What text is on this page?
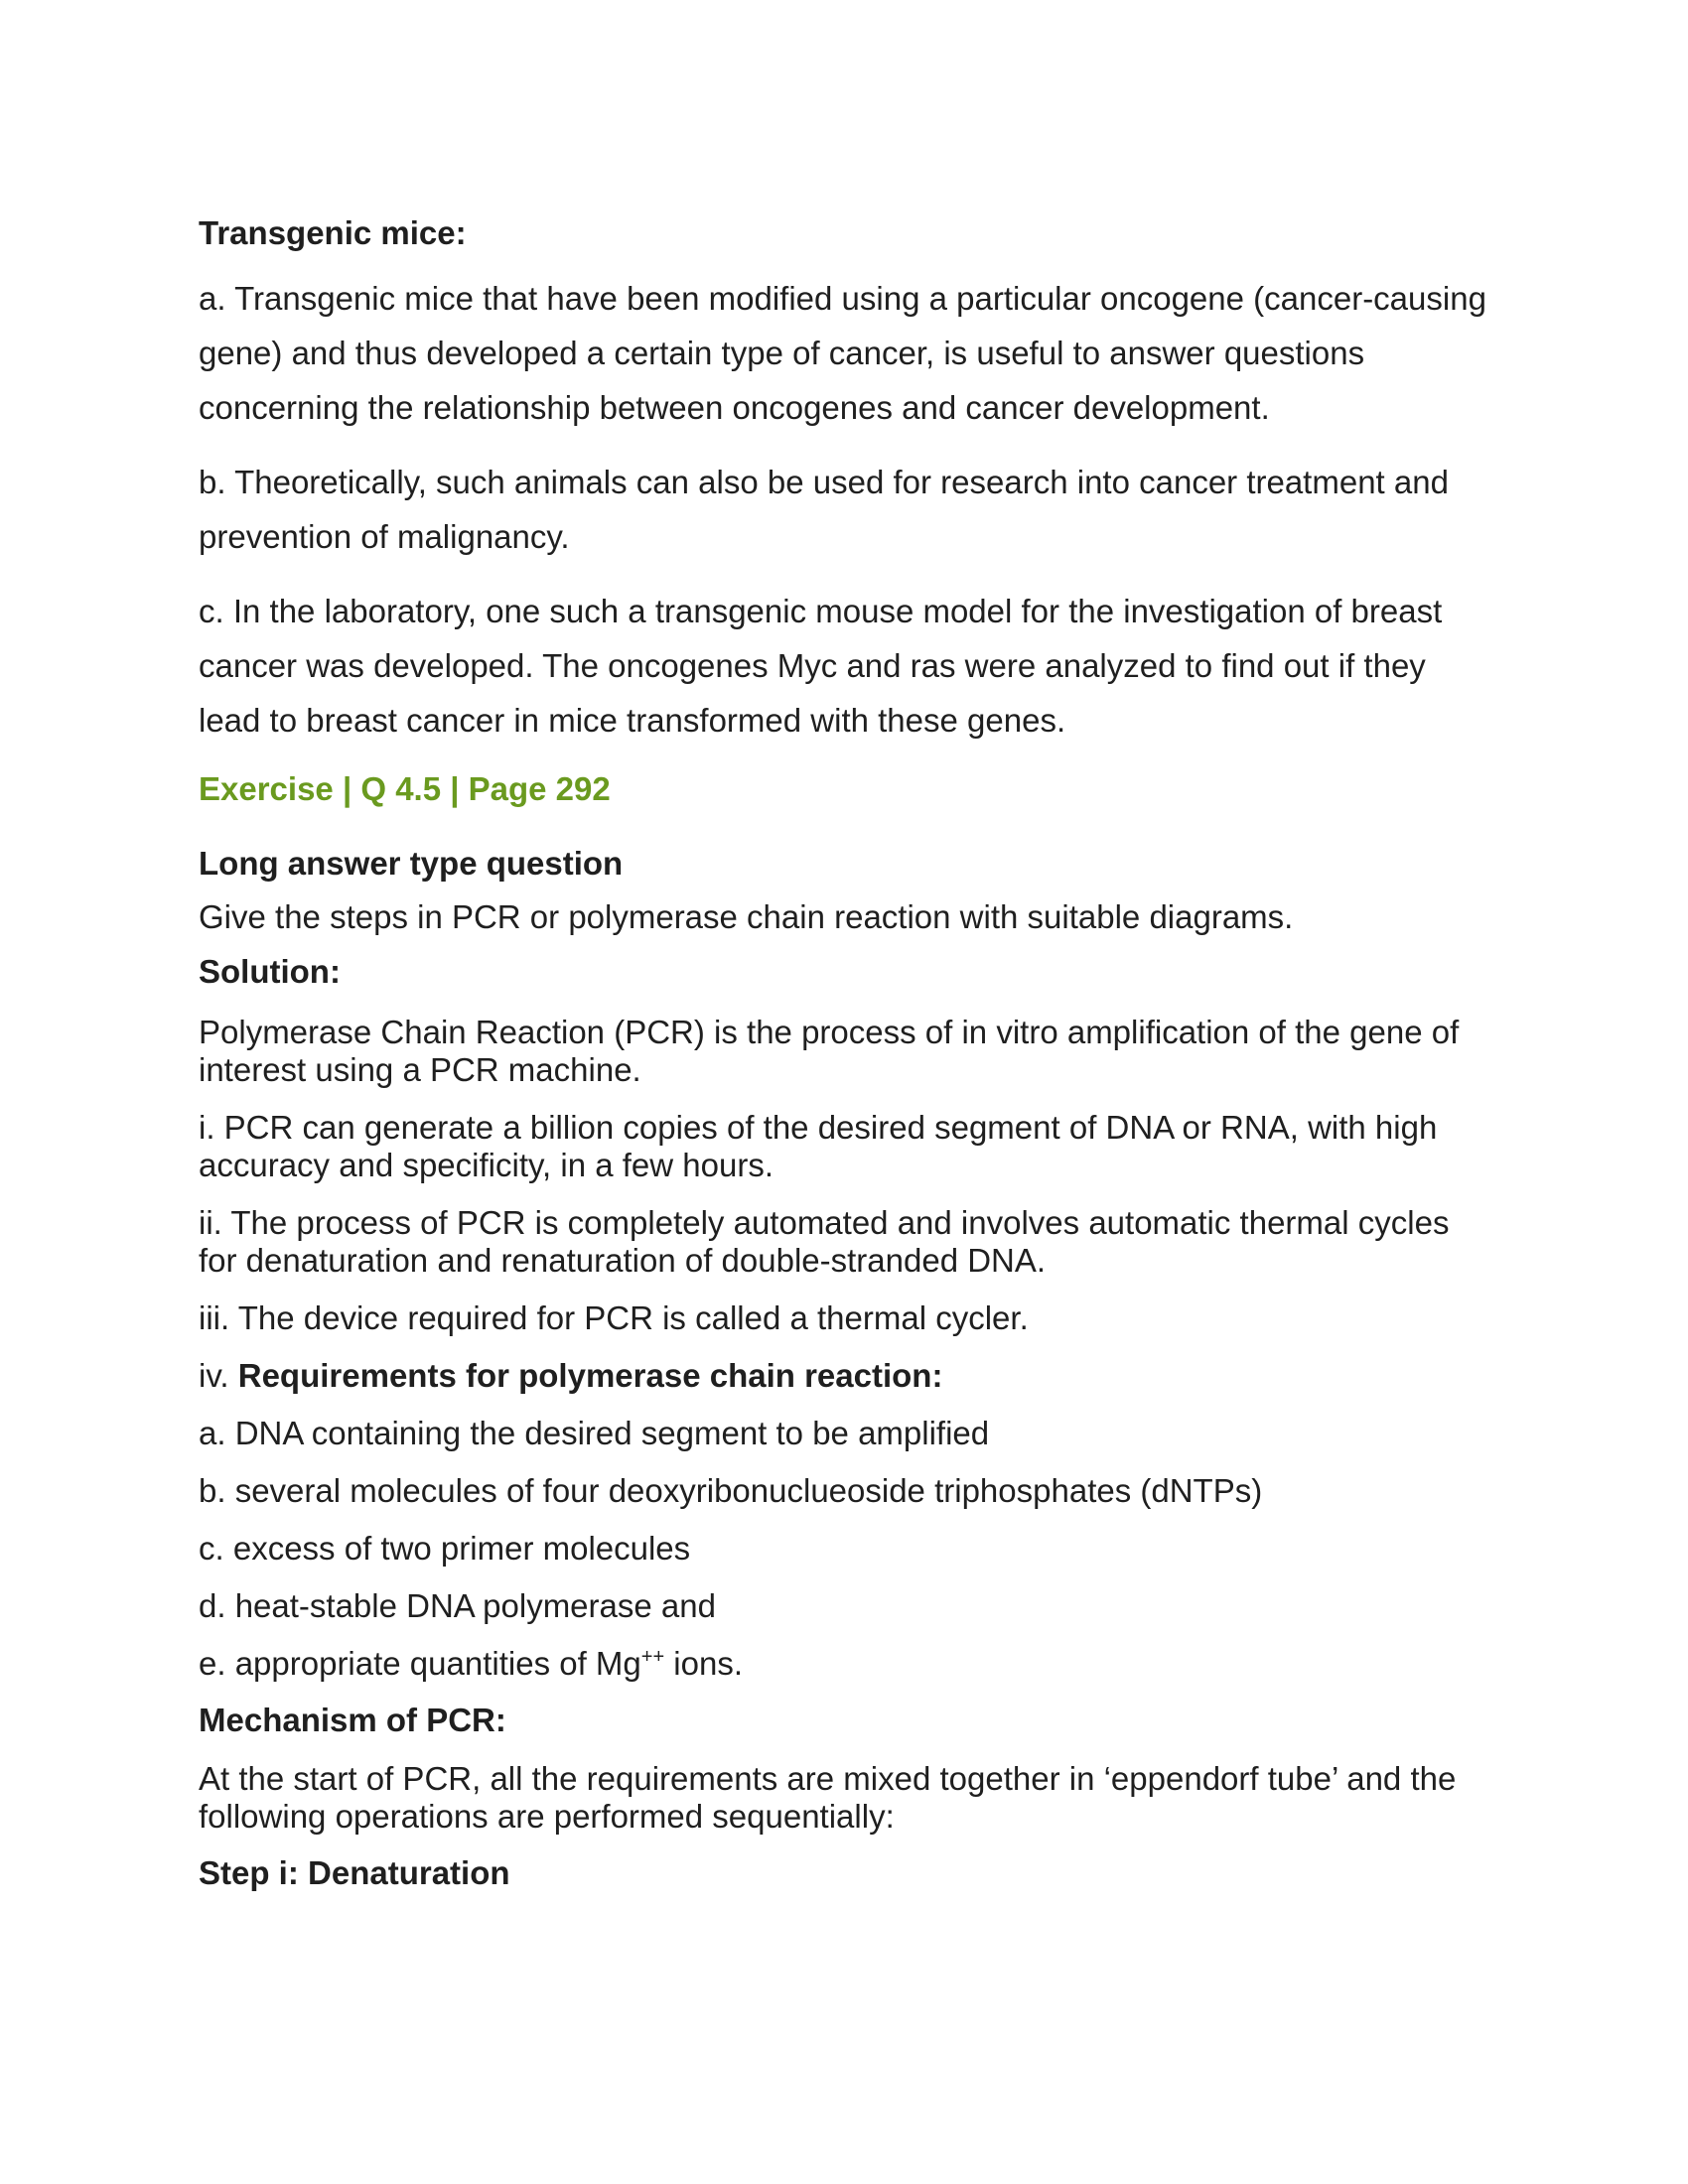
Transgenic mice:

a. Transgenic mice that have been modified using a particular oncogene (cancer-causing gene) and thus developed a certain type of cancer, is useful to answer questions concerning the relationship between oncogenes and cancer development.

b. Theoretically, such animals can also be used for research into cancer treatment and prevention of malignancy.

c. In the laboratory, one such a transgenic mouse model for the investigation of breast cancer was developed. The oncogenes Myc and ras were analyzed to find out if they lead to breast cancer in mice transformed with these genes.

Exercise | Q 4.5 | Page 292

Long answer type question

Give the steps in PCR or polymerase chain reaction with suitable diagrams.

Solution:

Polymerase Chain Reaction (PCR) is the process of in vitro amplification of the gene of interest using a PCR machine.

i. PCR can generate a billion copies of the desired segment of DNA or RNA, with high accuracy and specificity, in a few hours.

ii. The process of PCR is completely automated and involves automatic thermal cycles for denaturation and renaturation of double-stranded DNA.

iii. The device required for PCR is called a thermal cycler.

iv. Requirements for polymerase chain reaction:

a. DNA containing the desired segment to be amplified

b. several molecules of four deoxyribonuclueoside triphosphates (dNTPs)

c. excess of two primer molecules

d. heat-stable DNA polymerase and

e. appropriate quantities of Mg++ ions.

Mechanism of PCR:

At the start of PCR, all the requirements are mixed together in ‘eppendorf tube’ and the following operations are performed sequentially:

Step i: Denaturation
